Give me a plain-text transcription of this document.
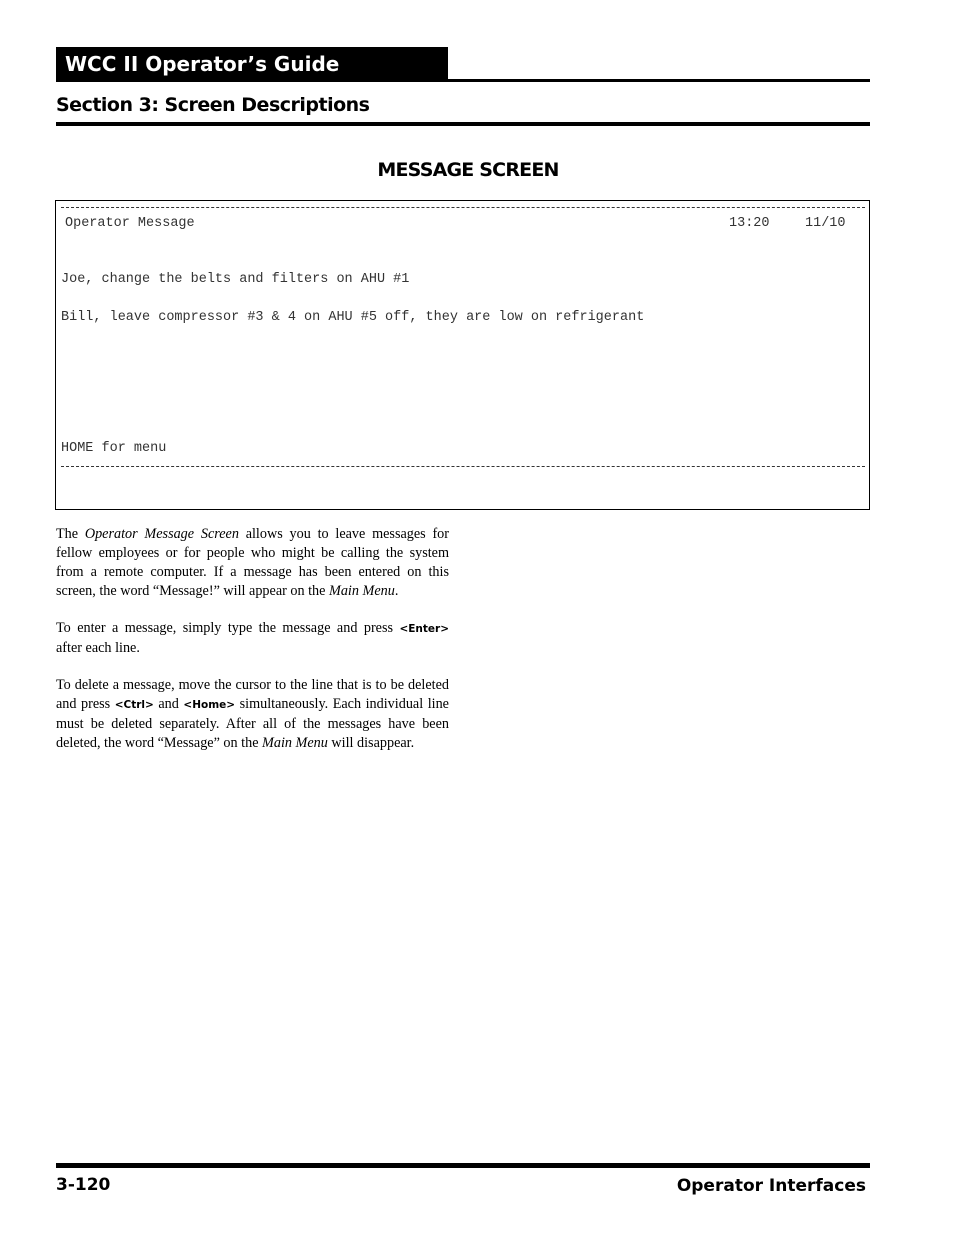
WCC II Operator’s Guide
Section 3: Screen Descriptions
MESSAGE SCREEN
Operator Message	13:20	11/10
Joe, change the belts and filters on AHU #1
Bill, leave compressor #3 & 4 on AHU #5 off, they are low on refrigerant
HOME for menu

The Operator Message Screen allows you to leave messages for fellow employees or for people who might be calling the system from a remote computer. If a message has been entered on this screen, the word “Message!” will appear on the Main Menu.

To enter a message, simply type the message and press <Enter> after each line.

To delete a message, move the cursor to the line that is to be deleted and press <Ctrl> and <Home> simultaneously. Each individual line must be deleted separately. After all of the messages have been deleted, the word “Message” on the Main Menu will disappear.

3-120	Operator Interfaces
